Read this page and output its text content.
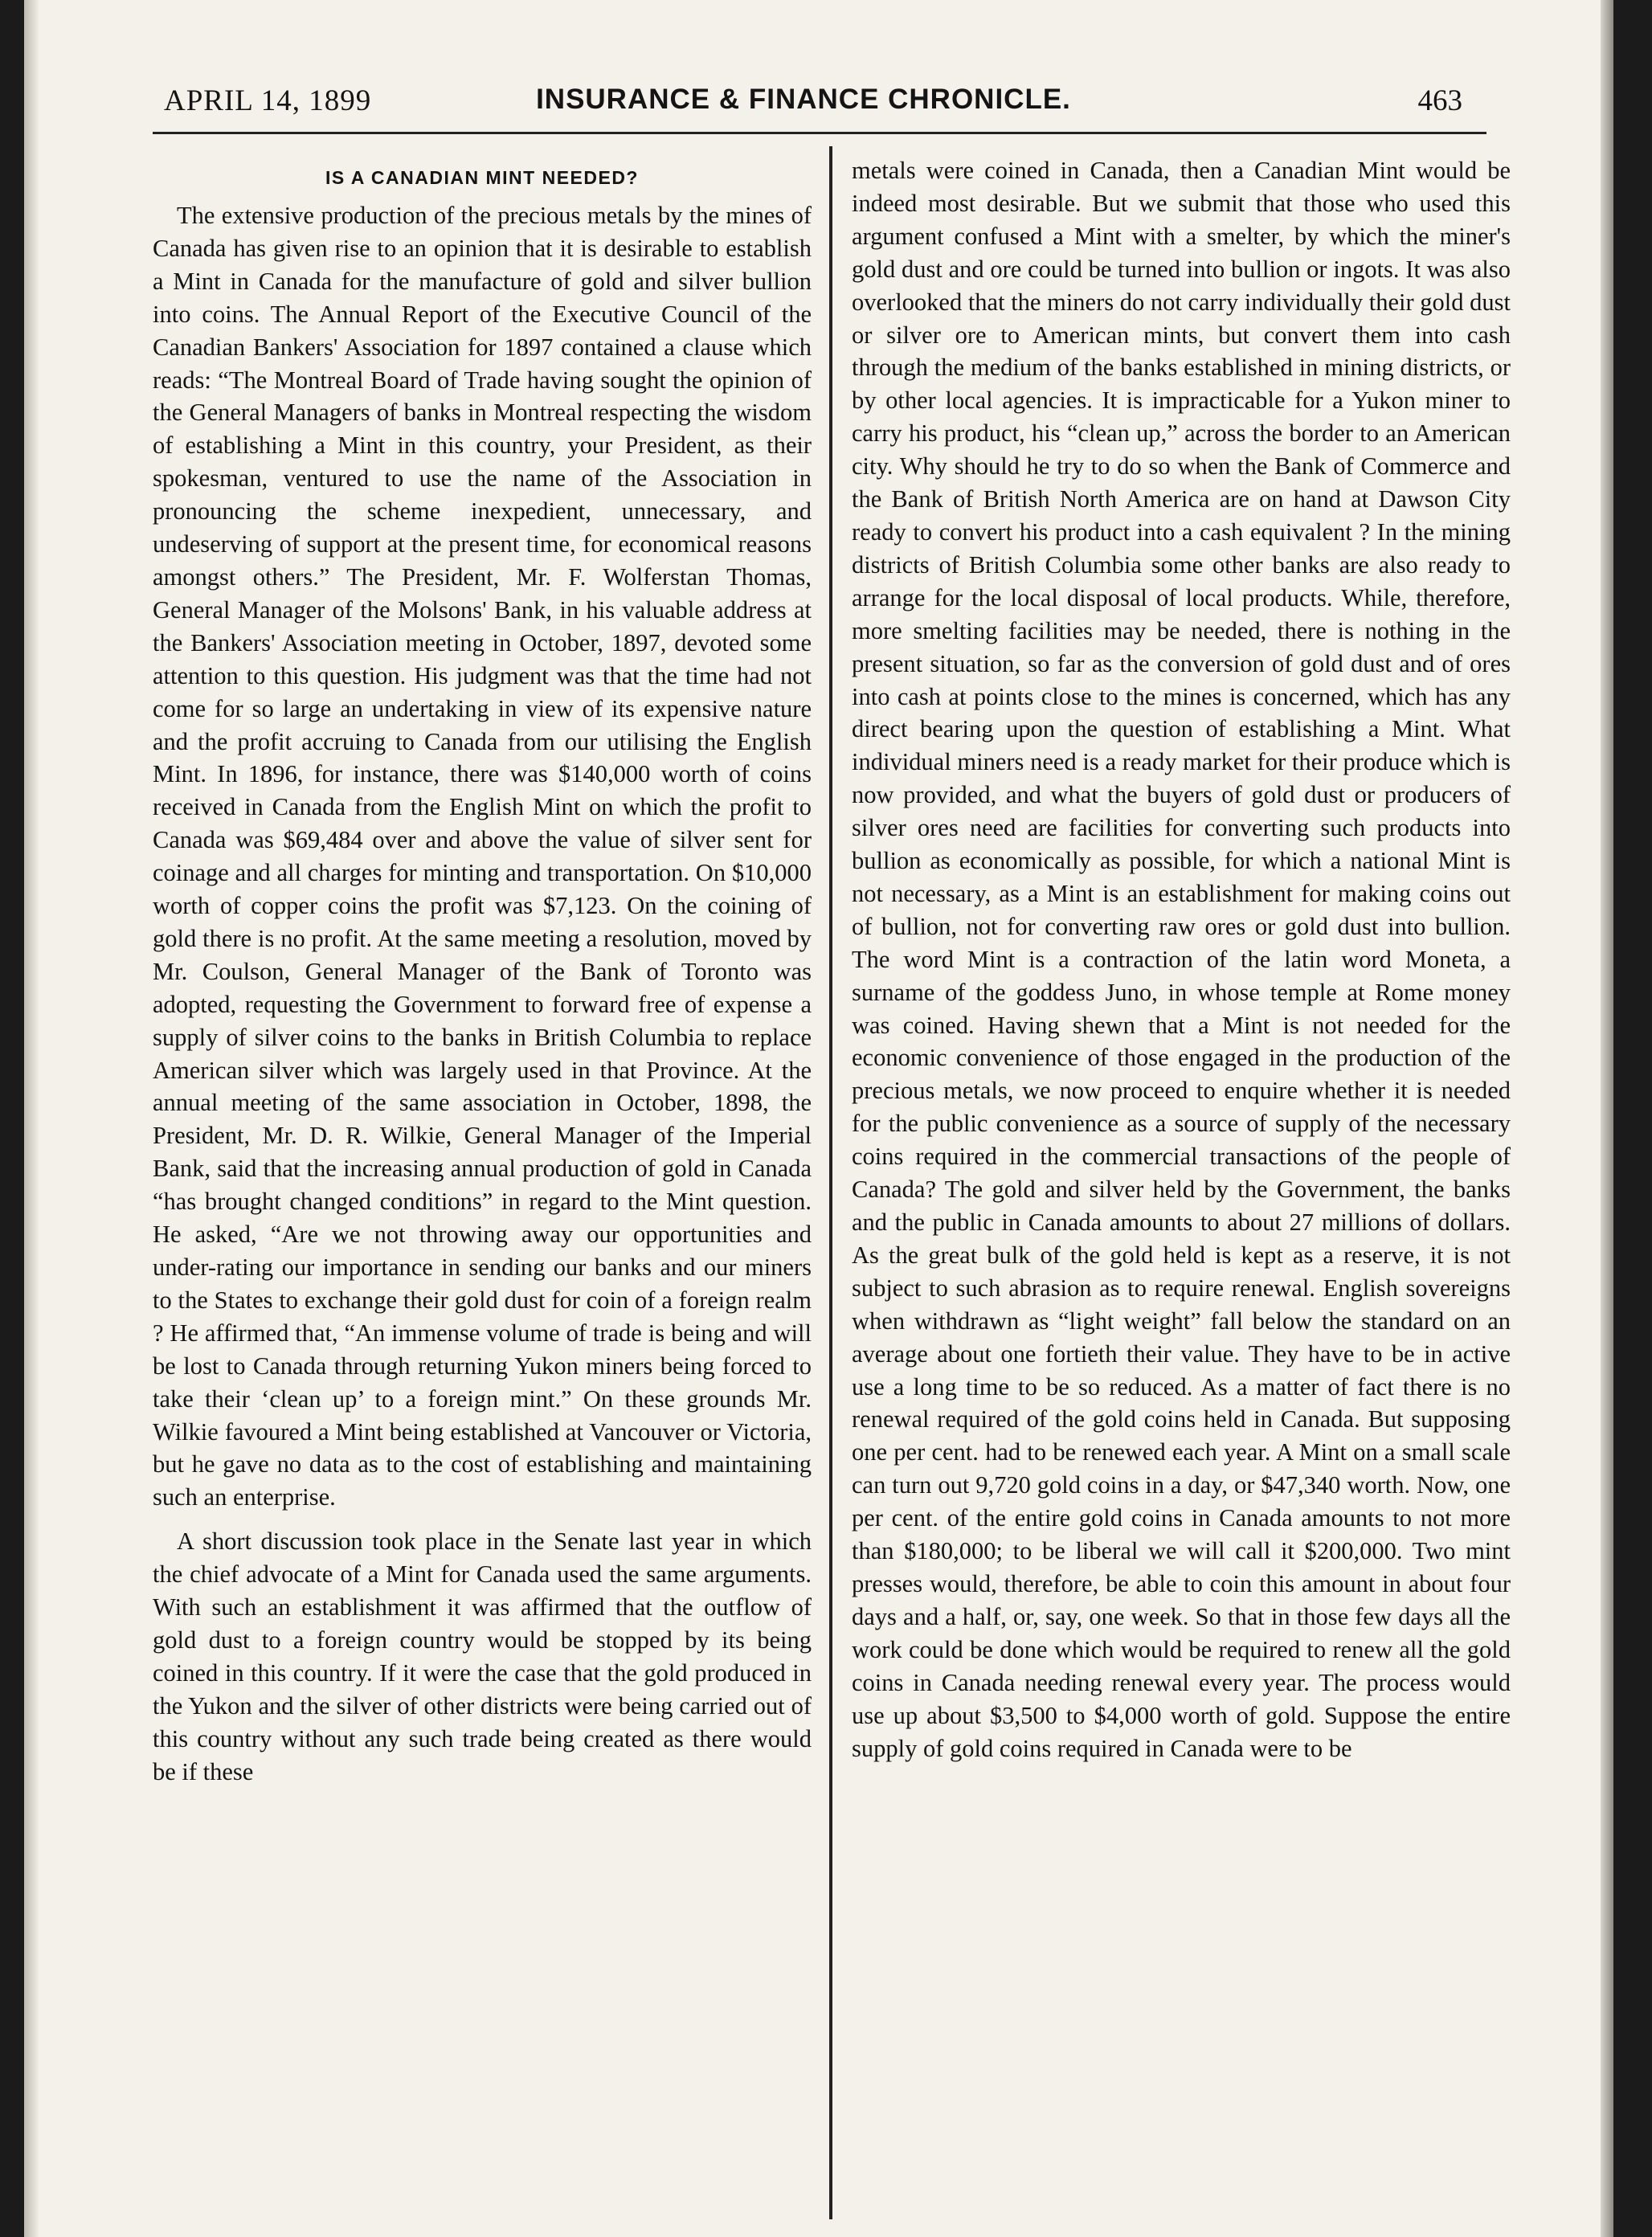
APRIL 14, 1899	INSURANCE & FINANCE CHRONICLE.	463
IS A CANADIAN MINT NEEDED?

The extensive production of the precious metals by the mines of Canada has given rise to an opinion that it is desirable to establish a Mint in Canada for the manufacture of gold and silver bullion into coins. The Annual Report of the Executive Council of the Canadian Bankers' Association for 1897 contained a clause which reads: “The Montreal Board of Trade having sought the opinion of the General Managers of banks in Montreal respecting the wisdom of establishing a Mint in this country, your President, as their spokesman, ventured to use the name of the Association in pronouncing the scheme inexpedient, unnecessary, and undeserving of support at the present time, for economical reasons amongst others.” The President, Mr. F. Wolferstan Thomas, General Manager of the Molsons' Bank, in his valuable address at the Bankers' Association meeting in October, 1897, devoted some attention to this question. His judgment was that the time had not come for so large an undertaking in view of its expensive nature and the profit accruing to Canada from our utilising the English Mint. In 1896, for instance, there was $140,000 worth of coins received in Canada from the English Mint on which the profit to Canada was $69,484 over and above the value of silver sent for coinage and all charges for minting and transportation. On $10,000 worth of copper coins the profit was $7,123. On the coining of gold there is no profit. At the same meeting a resolution, moved by Mr. Coulson, General Manager of the Bank of Toronto was adopted, requesting the Government to forward free of expense a supply of silver coins to the banks in British Columbia to replace American silver which was largely used in that Province. At the annual meeting of the same association in October, 1898, the President, Mr. D. R. Wilkie, General Manager of the Imperial Bank, said that the increasing annual production of gold in Canada “has brought changed conditions” in regard to the Mint question. He asked, “Are we not throwing away our opportunities and under-rating our importance in sending our banks and our miners to the States to exchange their gold dust for coin of a foreign realm ? He affirmed that, “An immense volume of trade is being and will be lost to Canada through returning Yukon miners being forced to take their ‘clean up’ to a foreign mint.” On these grounds Mr. Wilkie favoured a Mint being established at Vancouver or Victoria, but he gave no data as to the cost of establishing and maintaining such an enterprise.

A short discussion took place in the Senate last year in which the chief advocate of a Mint for Canada used the same arguments. With such an establishment it was affirmed that the outflow of gold dust to a foreign country would be stopped by its being coined in this country. If it were the case that the gold produced in the Yukon and the silver of other districts were being carried out of this country without any such trade being created as there would be if these

metals were coined in Canada, then a Canadian Mint would be indeed most desirable. But we submit that those who used this argument confused a Mint with a smelter, by which the miner's gold dust and ore could be turned into bullion or ingots. It was also overlooked that the miners do not carry individually their gold dust or silver ore to American mints, but convert them into cash through the medium of the banks established in mining districts, or by other local agencies. It is impracticable for a Yukon miner to carry his product, his “clean up,” across the border to an American city. Why should he try to do so when the Bank of Commerce and the Bank of British North America are on hand at Dawson City ready to convert his product into a cash equivalent ? In the mining districts of British Columbia some other banks are also ready to arrange for the local disposal of local products. While, therefore, more smelting facilities may be needed, there is nothing in the present situation, so far as the conversion of gold dust and of ores into cash at points close to the mines is concerned, which has any direct bearing upon the question of establishing a Mint. What individual miners need is a ready market for their produce which is now provided, and what the buyers of gold dust or producers of silver ores need are facilities for converting such products into bullion as economically as possible, for which a national Mint is not necessary, as a Mint is an establishment for making coins out of bullion, not for converting raw ores or gold dust into bullion. The word Mint is a contraction of the latin word Moneta, a surname of the goddess Juno, in whose temple at Rome money was coined. Having shewn that a Mint is not needed for the economic convenience of those engaged in the production of the precious metals, we now proceed to enquire whether it is needed for the public convenience as a source of supply of the necessary coins required in the commercial transactions of the people of Canada? The gold and silver held by the Government, the banks and the public in Canada amounts to about 27 millions of dollars. As the great bulk of the gold held is kept as a reserve, it is not subject to such abrasion as to require renewal. English sovereigns when withdrawn as “light weight” fall below the standard on an average about one fortieth their value. They have to be in active use a long time to be so reduced. As a matter of fact there is no renewal required of the gold coins held in Canada. But supposing one per cent. had to be renewed each year. A Mint on a small scale can turn out 9,720 gold coins in a day, or $47,340 worth. Now, one per cent. of the entire gold coins in Canada amounts to not more than $180,000; to be liberal we will call it $200,000. Two mint presses would, therefore, be able to coin this amount in about four days and a half, or, say, one week. So that in those few days all the work could be done which would be required to renew all the gold coins in Canada needing renewal every year. The process would use up about $3,500 to $4,000 worth of gold. Suppose the entire supply of gold coins required in Canada were to be
